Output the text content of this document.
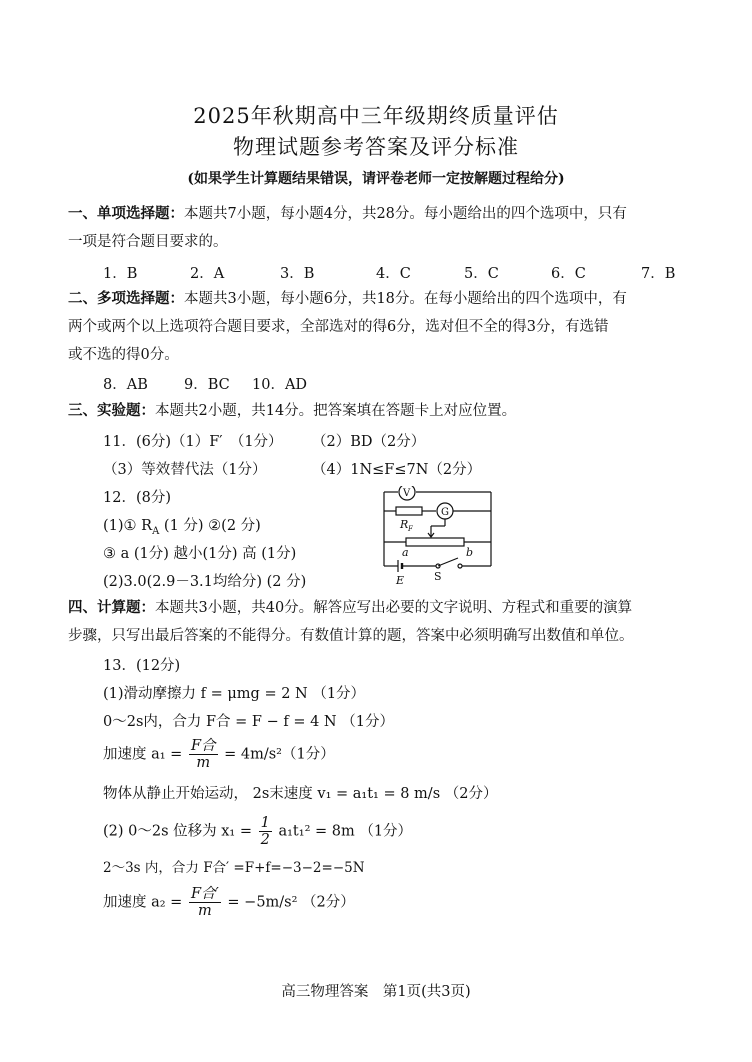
2025年秋期高中三年级期终质量评估
物理试题参考答案及评分标准
(如果学生计算题结果错误，请评卷老师一定按解题过程给分)
一、单项选择题：本题共7小题，每小题4分，共28分。每小题给出的四个选项中，只有
一项是符合题目要求的。
1．B	2．A	3．B	4．C	5．C	6．C	7．B
二、多项选择题：本题共3小题，每小题6分，共18分。在每小题给出的四个选项中，有
两个或两个以上选项符合题目要求，全部选对的得6分，选对但不全的得3分，有选错
或不选的得0分。
8．AB 9．BC 10．AD
三、实验题：本题共2小题，共14分。把答案填在答题卡上对应位置。
11．(6分)（1）F′　（1分） （2）BD（2分）
（3）等效替代法（1分）	（4）1N≤F≤7N（2分）
12．(8分)
(1)① $R_A$ (1 分) ②(2 分)
③ a (1分) 越小(1分) 高 (1分)
(2)3.0(2.9－3.1均给分) (2 分)
V
G
R F
a	b
E	S
四、计算题：本题共3小题，共40分。解答应写出必要的文字说明、方程式和重要的演算
步骤，只写出最后答案的不能得分。有数值计算的题，答案中必须明确写出数值和单位。
13．(12分)
(1)滑动摩擦力 f = μmg = 2 N （1分）
0～2s内，合力 F合 = F − f = 4 N （1分）
加速度 $a_1 = \frac{\text{F合}}{m} = 4m/s^2(1$分）
物体从静止开始运动， 2s末速度 v₁ = a₁t₁ = 8 m/s （2分）
(2) 0～2s 位移为 $x_1 = \frac{1}{2} a_1t_1^2 = 8m$ （1分）
2～3s 内，合力 F合′ =F+f=−3−2=−5N
加速度 $a_2 = \frac{\text{F合′}}{m} = -5m/s^2$ （2分）
高三物理答案　第1页(共3页)
